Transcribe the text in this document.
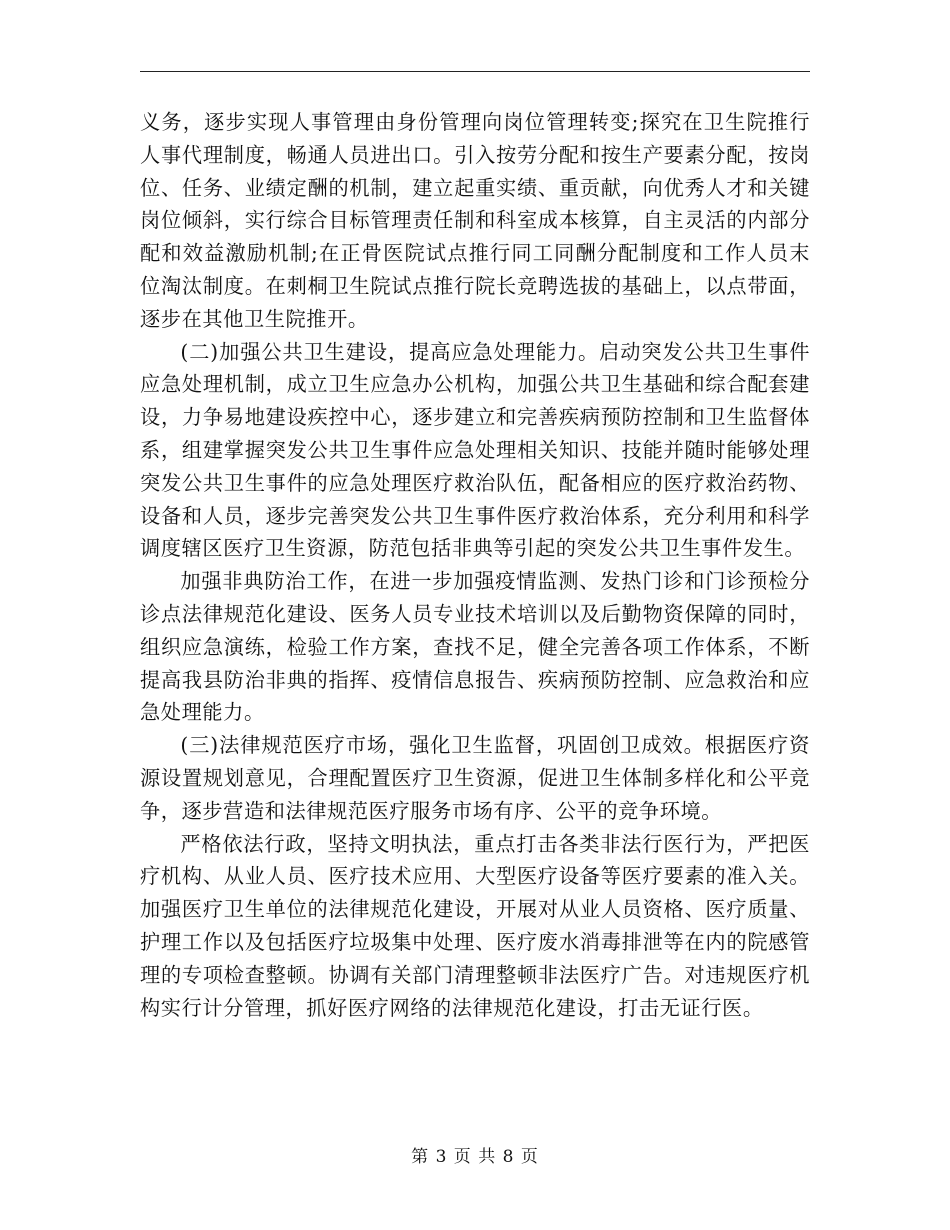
义务，逐步实现人事管理由身份管理向岗位管理转变;探究在卫生院推行人事代理制度，畅通人员进出口。引入按劳分配和按生产要素分配，按岗位、任务、业绩定酬的机制，建立起重实绩、重贡献，向优秀人才和关键岗位倾斜，实行综合目标管理责任制和科室成本核算，自主灵活的内部分配和效益激励机制;在正骨医院试点推行同工同酬分配制度和工作人员末位淘汰制度。在刺桐卫生院试点推行院长竞聘选拔的基础上，以点带面，逐步在其他卫生院推开。

(二)加强公共卫生建设，提高应急处理能力。启动突发公共卫生事件应急处理机制，成立卫生应急办公机构，加强公共卫生基础和综合配套建设，力争易地建设疾控中心，逐步建立和完善疾病预防控制和卫生监督体系，组建掌握突发公共卫生事件应急处理相关知识、技能并随时能够处理突发公共卫生事件的应急处理医疗救治队伍，配备相应的医疗救治药物、设备和人员，逐步完善突发公共卫生事件医疗救治体系，充分利用和科学调度辖区医疗卫生资源，防范包括非典等引起的突发公共卫生事件发生。

加强非典防治工作，在进一步加强疫情监测、发热门诊和门诊预检分诊点法律规范化建设、医务人员专业技术培训以及后勤物资保障的同时，组织应急演练，检验工作方案，查找不足，健全完善各项工作体系，不断提高我县防治非典的指挥、疫情信息报告、疾病预防控制、应急救治和应急处理能力。

(三)法律规范医疗市场，强化卫生监督，巩固创卫成效。根据医疗资源设置规划意见，合理配置医疗卫生资源，促进卫生体制多样化和公平竞争，逐步营造和法律规范医疗服务市场有序、公平的竞争环境。

严格依法行政，坚持文明执法，重点打击各类非法行医行为，严把医疗机构、从业人员、医疗技术应用、大型医疗设备等医疗要素的准入关。加强医疗卫生单位的法律规范化建设，开展对从业人员资格、医疗质量、护理工作以及包括医疗垃圾集中处理、医疗废水消毒排泄等在内的院感管理的专项检查整顿。协调有关部门清理整顿非法医疗广告。对违规医疗机构实行计分管理，抓好医疗网络的法律规范化建设，打击无证行医。

第 3 页 共 8 页
